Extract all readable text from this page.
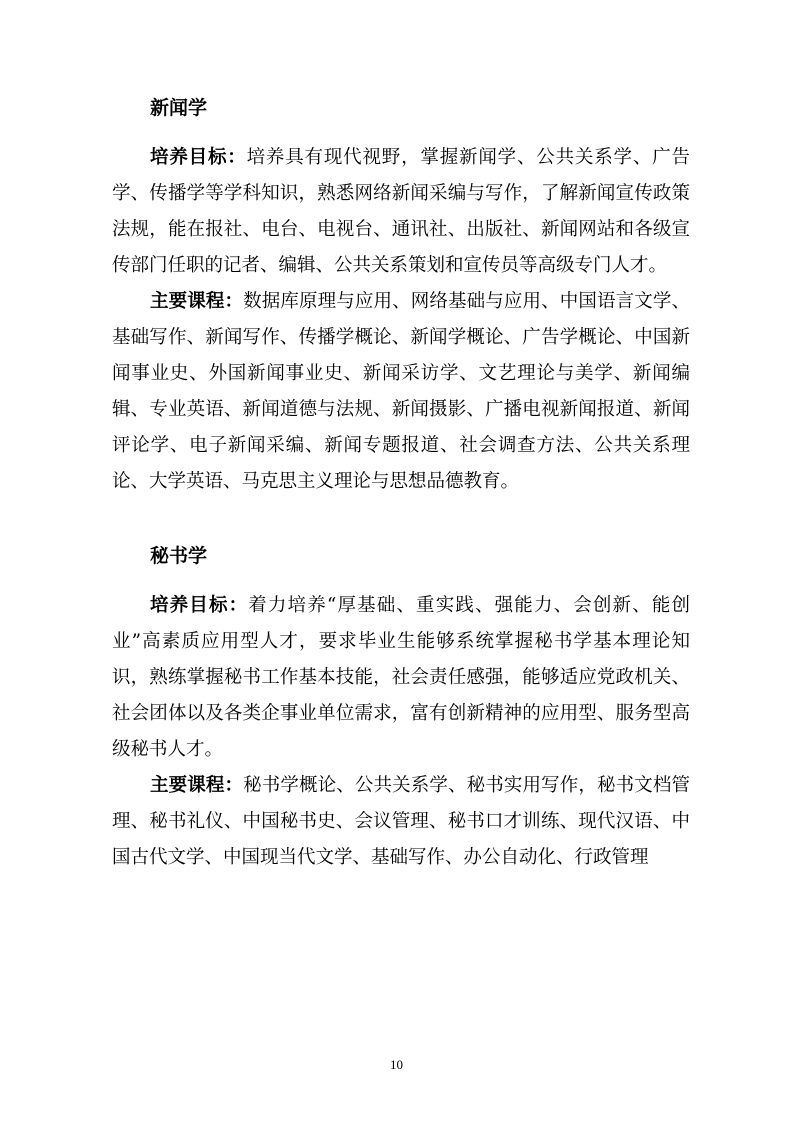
新闻学

培养目标：培养具有现代视野，掌握新闻学、公共关系学、广告学、传播学等学科知识，熟悉网络新闻采编与写作，了解新闻宣传政策法规，能在报社、电台、电视台、通讯社、出版社、新闻网站和各级宣传部门任职的记者、编辑、公共关系策划和宣传员等高级专门人才。

主要课程：数据库原理与应用、网络基础与应用、中国语言文学、基础写作、新闻写作、传播学概论、新闻学概论、广告学概论、中国新闻事业史、外国新闻事业史、新闻采访学、文艺理论与美学、新闻编辑、专业英语、新闻道德与法规、新闻摄影、广播电视新闻报道、新闻评论学、电子新闻采编、新闻专题报道、社会调查方法、公共关系理论、大学英语、马克思主义理论与思想品德教育。

秘书学

培养目标：着力培养“厚基础、重实践、强能力、会创新、能创业”高素质应用型人才，要求毕业生能够系统掌握秘书学基本理论知识，熟练掌握秘书工作基本技能，社会责任感强，能够适应党政机关、社会团体以及各类企事业单位需求，富有创新精神的应用型、服务型高级秘书人才。

主要课程：秘书学概论、公共关系学、秘书实用写作，秘书文档管理、秘书礼仪、中国秘书史、会议管理、秘书口才训练、现代汉语、中国古代文学、中国现当代文学、基础写作、办公自动化、行政管理

10
